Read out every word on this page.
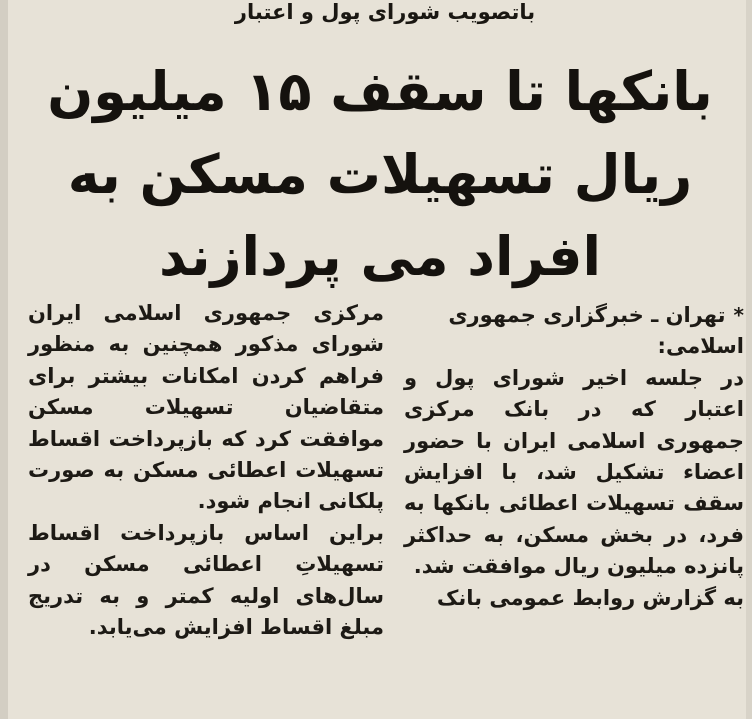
باتصویب شورای پول و اعتبار
بانکها تا سقف ۱۵ میلیون
ریال تسهیلات مسکن به
افراد می پردازند

*تهران ـ خبرگزاری جمهوری اسلامی:

در جلسه اخیر شورای پول و اعتبار که در بانک مرکزی جمهوری اسلامی ایران با حضور اعضاء تشکیل شد، با افزایش سقف تسهیلات اعطائی بانکها به فرد، در بخش مسکن، به حداکثر پانزده میلیون ریال موافقت شد.

به گزارش روابط عمومی بانک

مرکزی جمهوری اسلامی ایران شورای مذکور همچنین به منظور فراهم کردن امکانات بیشتر برای متقاضیان تسهیلات مسکن موافقت کرد که بازپرداخت اقساط تسهیلات اعطائی مسکن به صورت پلکانی انجام شود.

براین اساس بازپرداخت اقساط تسهیلاتِ اعطائی مسکن در سال‌های اولیه کمتر و به تدریج مبلغ اقساط افزایش می‌یابد.
